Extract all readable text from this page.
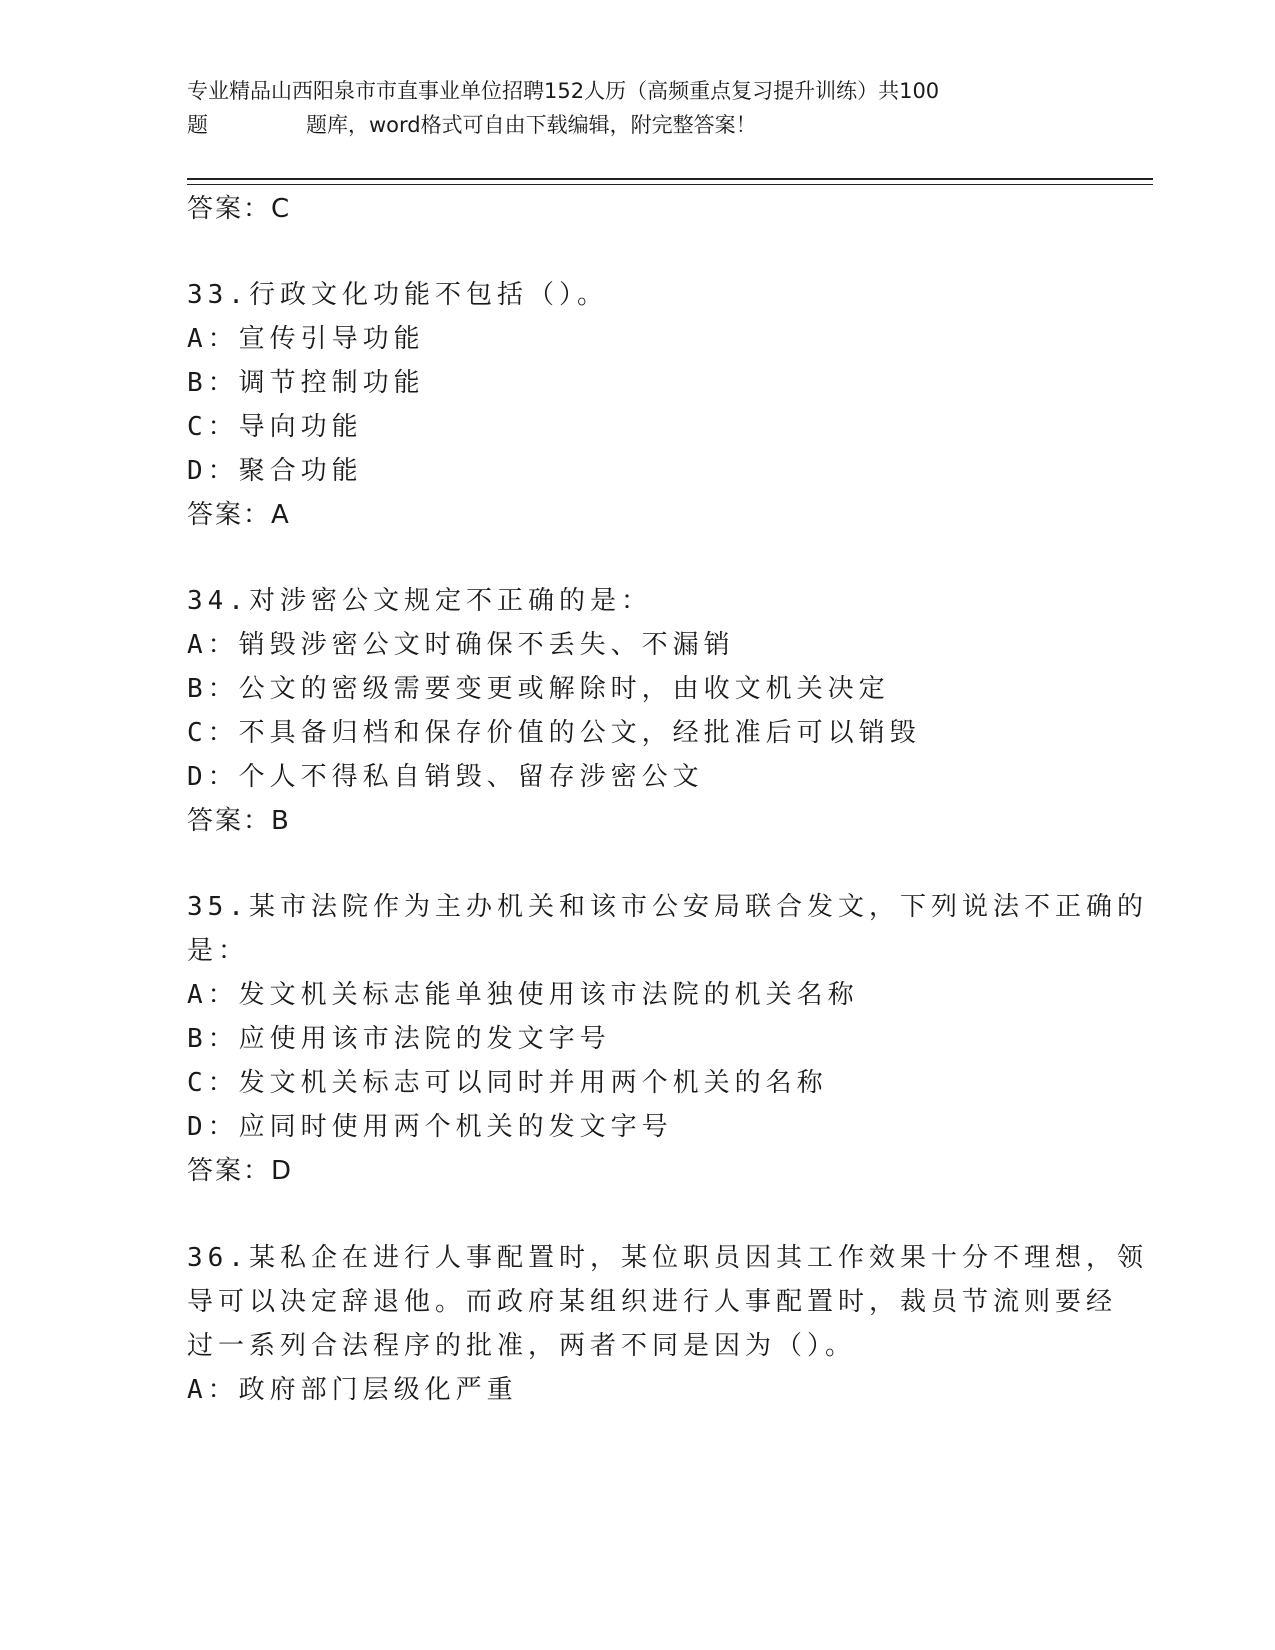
专业精品山西阳泉市市直事业单位招聘152人历（高频重点复习提升训练）共100
题	题库，word格式可自由下载编辑，附完整答案！
答案：C
33.行政文化功能不包括（）。
A：宣传引导功能
B：调节控制功能
C：导向功能
D：聚合功能
答案：A
34.对涉密公文规定不正确的是：
A：销毁涉密公文时确保不丢失、不漏销
B：公文的密级需要变更或解除时，由收文机关决定
C：不具备归档和保存价值的公文，经批准后可以销毁
D：个人不得私自销毁、留存涉密公文
答案：B
35.某市法院作为主办机关和该市公安局联合发文，下列说法不正确的
是：
A：发文机关标志能单独使用该市法院的机关名称
B：应使用该市法院的发文字号
C：发文机关标志可以同时并用两个机关的名称
D：应同时使用两个机关的发文字号
答案：D
36.某私企在进行人事配置时，某位职员因其工作效果十分不理想，领
导可以决定辞退他。而政府某组织进行人事配置时，裁员节流则要经
过一系列合法程序的批准，两者不同是因为（）。
A：政府部门层级化严重
